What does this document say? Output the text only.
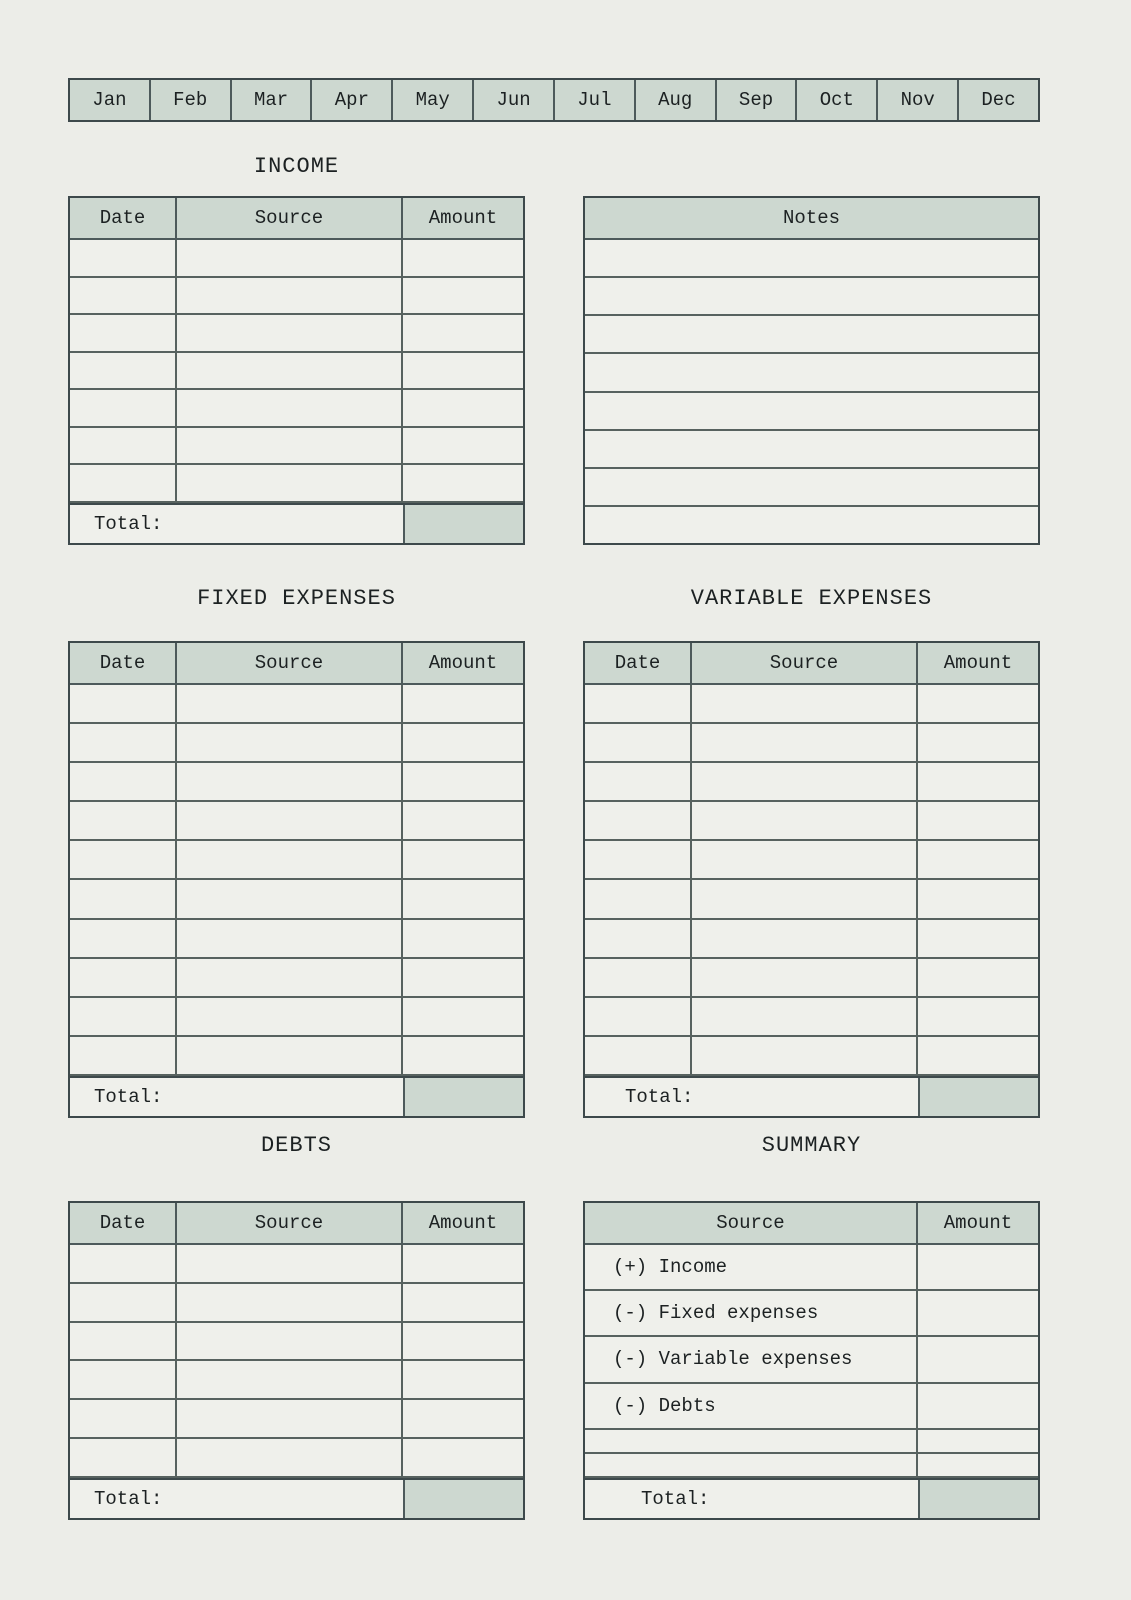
Jan	Feb	Mar	Apr	May	Jun	Jul	Aug	Sep	Oct	Nov	Dec
INCOME
Date	Source	Amount
Total:
Notes
FIXED EXPENSES	VARIABLE EXPENSES
Date	Source	Amount
Total:
Date	Source	Amount
Total:
DEBTS	SUMMARY
Date	Source	Amount
Total:
Source	Amount
(+) Income
(-) Fixed expenses
(-) Variable expenses
(-) Debts
Total:
